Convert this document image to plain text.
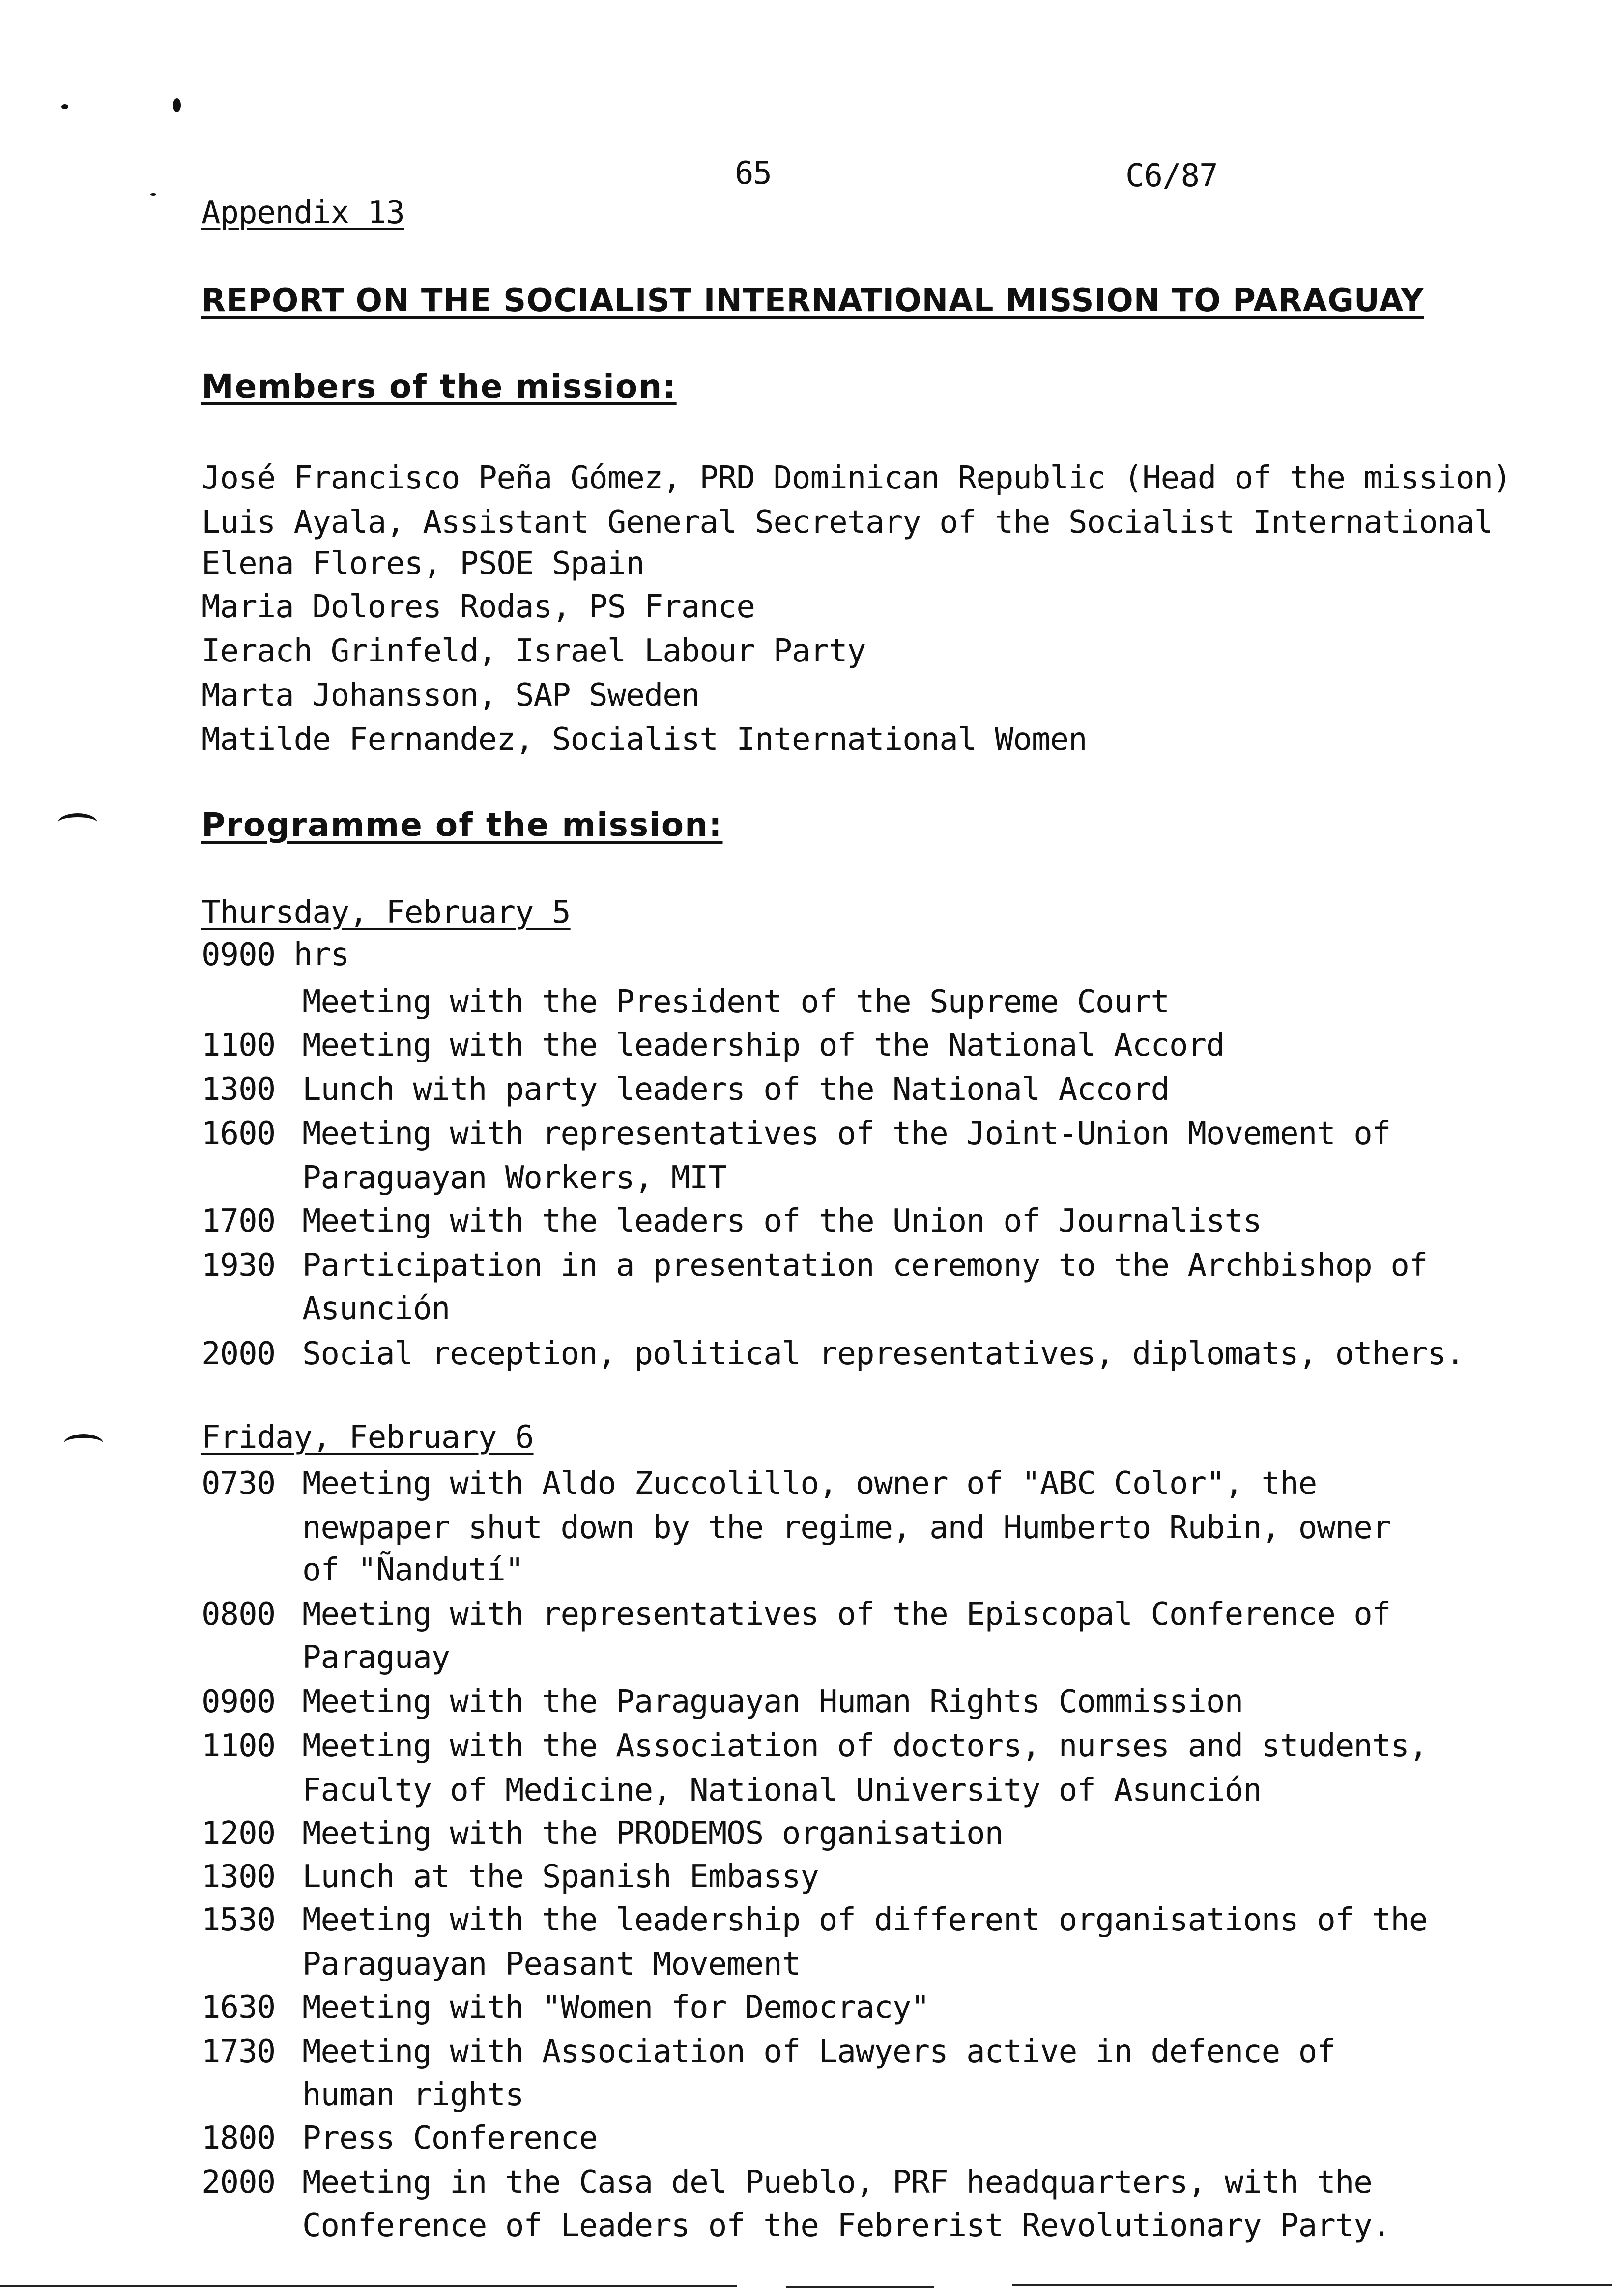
65	C6/87
Appendix 13
REPORT ON THE SOCIALIST INTERNATIONAL MISSION TO PARAGUAY
Members of the mission:
José Francisco Peña Gómez, PRD Dominican Republic (Head of the mission)
Luis Ayala, Assistant General Secretary of the Socialist International
Elena Flores, PSOE Spain
Maria Dolores Rodas, PS France
Ierach Grinfeld, Israel Labour Party
Marta Johansson, SAP Sweden
Matilde Fernandez, Socialist International Women
Programme of the mission:
Thursday, February 5
0900 hrs
Meeting with the President of the Supreme Court
1100 Meeting with the leadership of the National Accord
1300 Lunch with party leaders of the National Accord
1600 Meeting with representatives of the Joint-Union Movement of
Paraguayan Workers, MIT
1700 Meeting with the leaders of the Union of Journalists
1930 Participation in a presentation ceremony to the Archbishop of
Asunción
2000 Social reception, political representatives, diplomats, others.
Friday, February 6
0730 Meeting with Aldo Zuccolillo, owner of "ABC Color", the
newpaper shut down by the regime, and Humberto Rubin, owner
of "Ñandutí"
0800 Meeting with representatives of the Episcopal Conference of
Paraguay
0900 Meeting with the Paraguayan Human Rights Commission
1100 Meeting with the Association of doctors, nurses and students,
Faculty of Medicine, National University of Asunción
1200 Meeting with the PRODEMOS organisation
1300 Lunch at the Spanish Embassy
1530 Meeting with the leadership of different organisations of the
Paraguayan Peasant Movement
1630 Meeting with "Women for Democracy"
1730 Meeting with Association of Lawyers active in defence of
human rights
1800 Press Conference
2000 Meeting in the Casa del Pueblo, PRF headquarters, with the
Conference of Leaders of the Febrerist Revolutionary Party.
